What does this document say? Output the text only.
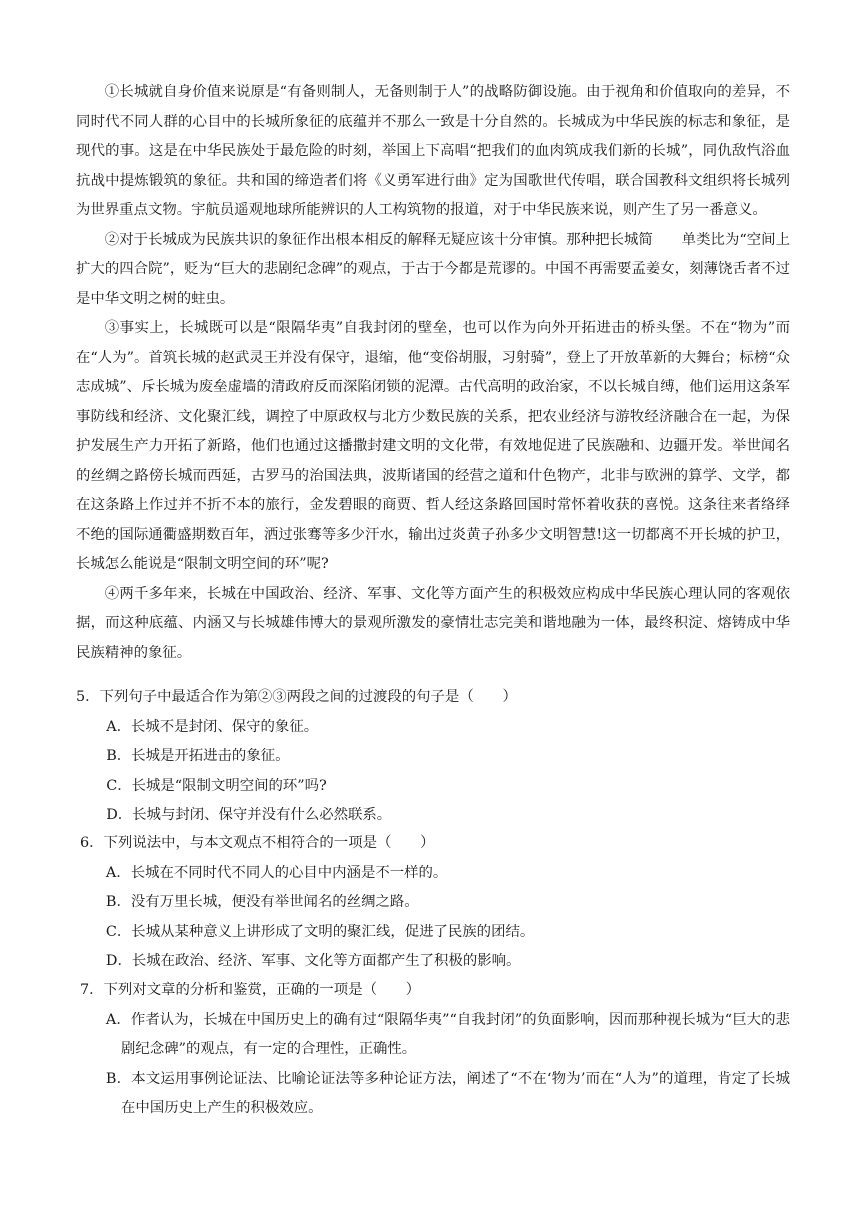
①长城就自身价值来说原是“有备则制人，无备则制于人”的战略防御设施。由于视角和价值取向的差异，不同时代不同人群的心目中的长城所象征的底蕴并不那么一致是十分自然的。长城成为中华民族的标志和象征，是现代的事。这是在中华民族处于最危险的时刻，举国上下高唱“把我们的血肉筑成我们新的长城”，同仇敌忾浴血抗战中提炼锻筑的象征。共和国的缔造者们将《义勇军进行曲》定为国歌世代传唱，联合国教科文组织将长城列为世界重点文物。宇航员遥观地球所能辨识的人工构筑物的报道，对于中华民族来说，则产生了另一番意义。

②对于长城成为民族共识的象征作出根本相反的解释无疑应该十分审慎。那种把长城简　　单类比为“空间上扩大的四合院”，贬为“巨大的悲剧纪念碑”的观点，于古于今都是荒谬的。中国不再需要孟姜女，刻薄饶舌者不过是中华文明之树的蛀虫。

③事实上，长城既可以是“限隔华夷”自我封闭的壁垒，也可以作为向外开拓进击的桥头堡。不在“物为”而在“人为”。首筑长城的赵武灵王并没有保守，退缩，他“变俗胡服，习射骑”，登上了开放革新的大舞台；标榜“众志成城”、斥长城为废垒虚墙的清政府反而深陷闭锁的泥潭。古代高明的政治家，不以长城自缚，他们运用这条军事防线和经济、文化聚汇线，调控了中原政权与北方少数民族的关系，把农业经济与游牧经济融合在一起，为保护发展生产力开拓了新路，他们也通过这播撒封建文明的文化带，有效地促进了民族融和、边疆开发。举世闻名的丝绸之路傍长城而西延，古罗马的治国法典，波斯诸国的经营之道和什色物产，北非与欧洲的算学、文学，都在这条路上作过并不折不本的旅行，金发碧眼的商贾、哲人经这条路回国时常怀着收获的喜悦。这条往来者络绎不绝的国际通衢盛期数百年，洒过张骞等多少汗水，输出过炎黄子孙多少文明智慧!这一切都离不开长城的护卫，长城怎么能说是“限制文明空间的环”呢?

④两千多年来，长城在中国政治、经济、军事、文化等方面产生的积极效应构成中华民族心理认同的客观依据，而这种底蕴、内涵又与长城雄伟博大的景观所激发的豪情壮志完美和谐地融为一体，最终积淀、熔铸成中华民族精神的象征。

5．下列句子中最适合作为第②③两段之间的过渡段的句子是（　　）

A．长城不是封闭、保守的象征。

B．长城是开拓进击的象征。

C．长城是“限制文明空间的环”吗?

D．长城与封闭、保守并没有什么必然联系。

6．下列说法中，与本文观点不相符合的一项是（　　）

A．长城在不同时代不同人的心目中内涵是不一样的。

B．没有万里长城，便没有举世闻名的丝绸之路。

C．长城从某种意义上讲形成了文明的聚汇线，促进了民族的团结。

D．长城在政治、经济、军事、文化等方面都产生了积极的影响。

7．下列对文章的分析和鉴赏，正确的一项是（　　）

A．作者认为，长城在中国历史上的确有过“限隔华夷”“自我封闭”的负面影响，因而那种视长城为“巨大的悲剧纪念碑”的观点，有一定的合理性，正确性。

B．本文运用事例论证法、比喻论证法等多种论证方法，阐述了“不在‘物为’而在“人为”的道理，肯定了长城在中国历史上产生的积极效应。
